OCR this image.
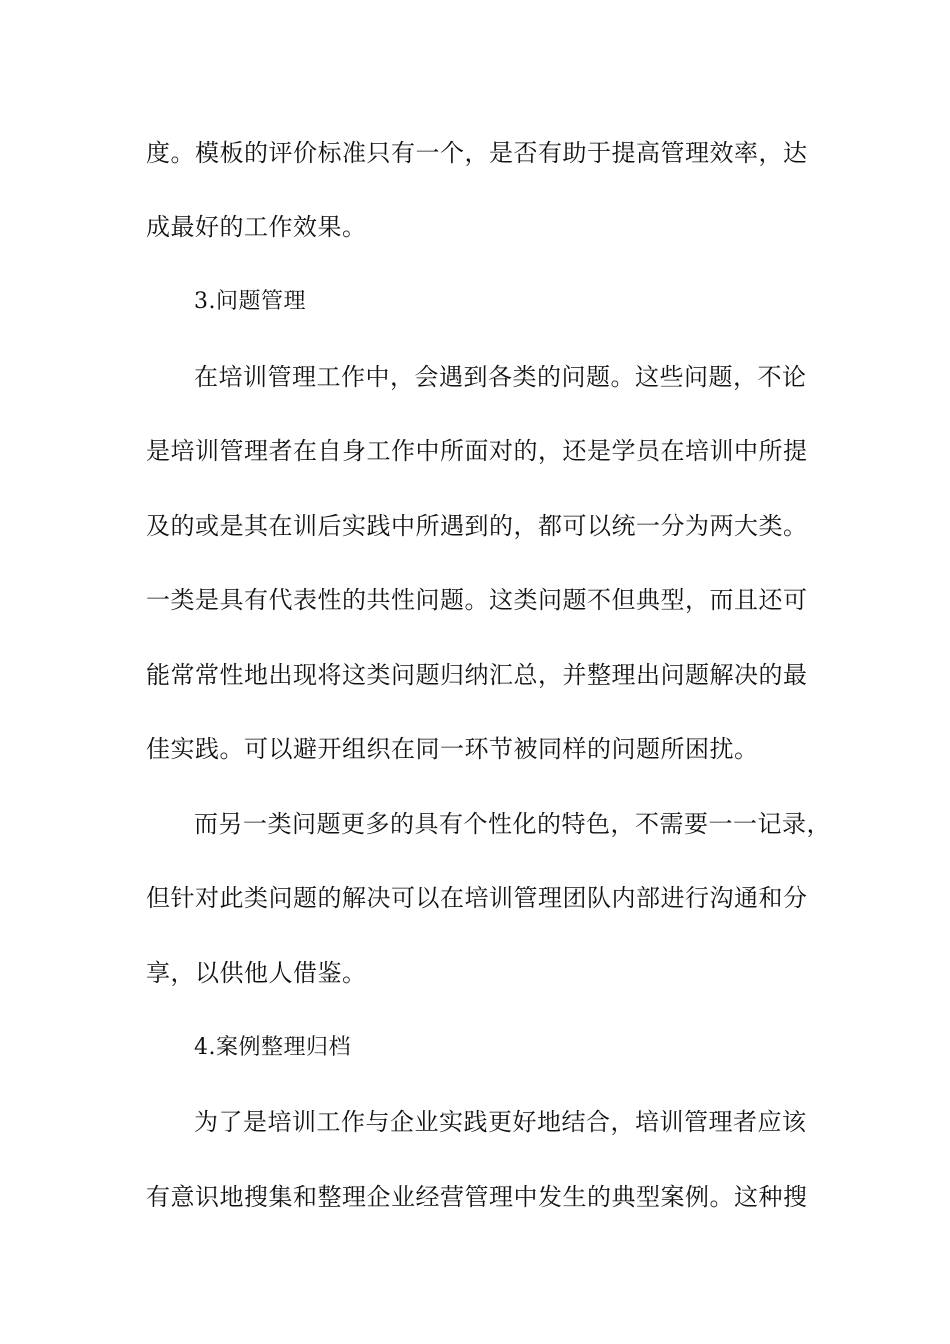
度。模板的评价标准只有一个，是否有助于提高管理效率，达
成最好的工作效果。
3.问题管理
在培训管理工作中，会遇到各类的问题。这些问题，不论
是培训管理者在自身工作中所面对的，还是学员在培训中所提
及的或是其在训后实践中所遇到的，都可以统一分为两大类。
一类是具有代表性的共性问题。这类问题不但典型，而且还可
能常常性地出现将这类问题归纳汇总，并整理出问题解决的最
佳实践。可以避开组织在同一环节被同样的问题所困扰。
而另一类问题更多的具有个性化的特色，不需要一一记录，
但针对此类问题的解决可以在培训管理团队内部进行沟通和分
享，以供他人借鉴。
4.案例整理归档
为了是培训工作与企业实践更好地结合，培训管理者应该
有意识地搜集和整理企业经营管理中发生的典型案例。这种搜
